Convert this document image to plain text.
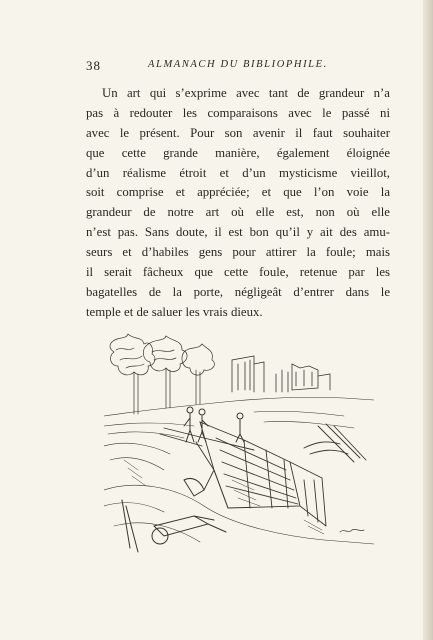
38	ALMANACH DU BIBLIOPHILE.

Un art qui s’exprime avec tant de grandeur n’a
pas à redouter les comparaisons avec le passé ni
avec le présent. Pour son avenir il faut souhaiter
que cette grande manière, également éloignée
d’un réalisme étroit et d’un mysticisme vieillot,
soit comprise et appréciée; et que l’on voie la
grandeur de notre art où elle est, non où elle
n’est pas. Sans doute, il est bon qu’il y ait des amu-
seurs et d’habiles gens pour attirer la foule; mais
il serait fâcheux que cette foule, retenue par les
bagatelles de la porte, négligeât d’entrer dans le
temple et de saluer les vrais dieux.
